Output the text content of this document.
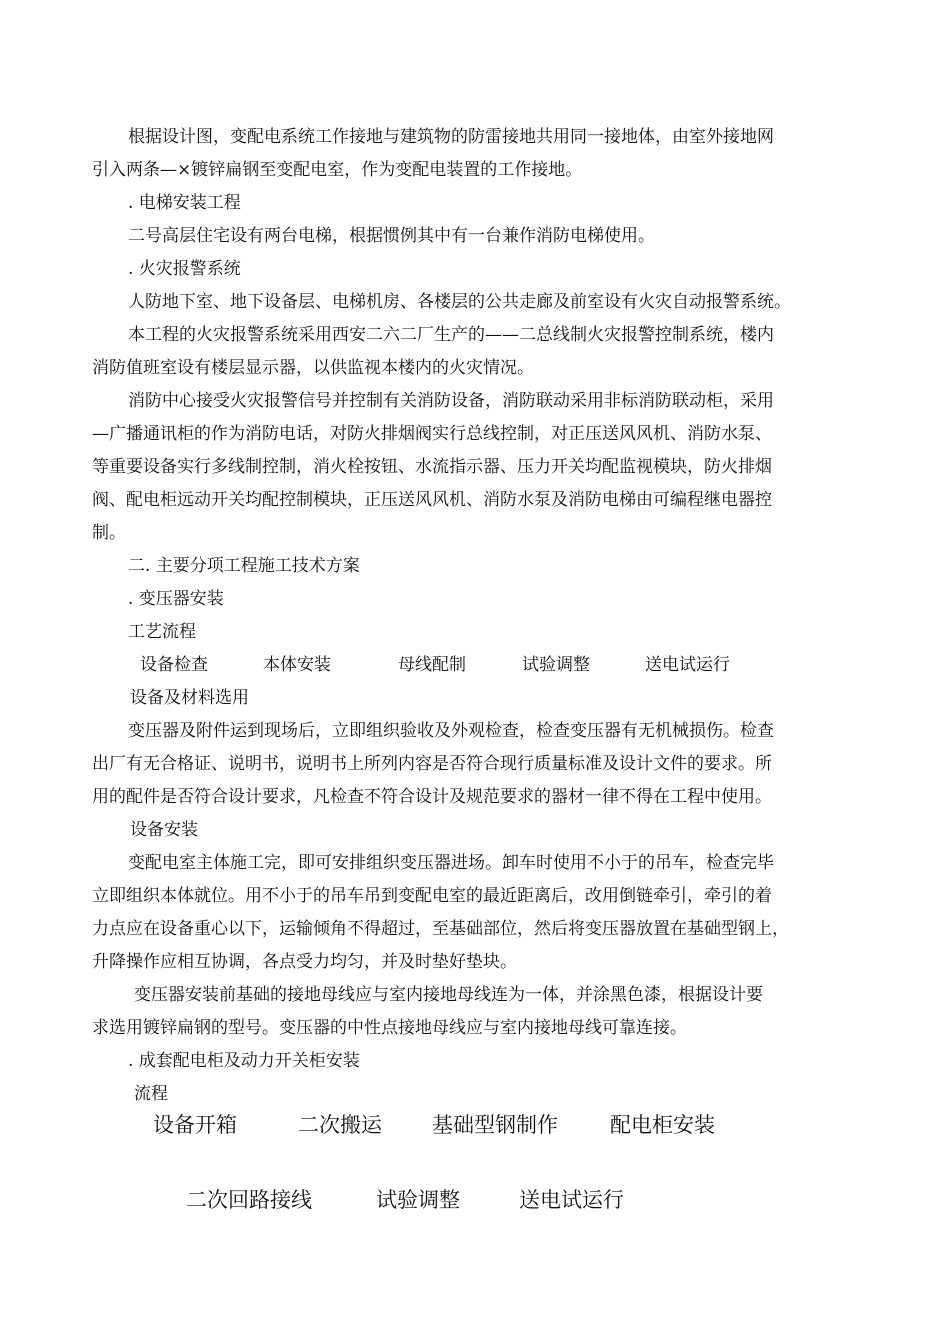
根据设计图，变配电系统工作接地与建筑物的防雷接地共用同一接地体，由室外接地网
引入两条—×镀锌扁钢至变配电室，作为变配电装置的工作接地。
. 电梯安装工程
二号高层住宅设有两台电梯，根据惯例其中有一台兼作消防电梯使用。
. 火灾报警系统
人防地下室、地下设备层、电梯机房、各楼层的公共走廊及前室设有火灾自动报警系统。
本工程的火灾报警系统采用西安二六二厂生产的——二总线制火灾报警控制系统，楼内
消防值班室设有楼层显示器，以供监视本楼内的火灾情况。
消防中心接受火灾报警信号并控制有关消防设备，消防联动采用非标消防联动柜，采用
—广播通讯柜的作为消防电话，对防火排烟阀实行总线控制，对正压送风风机、消防水泵、
等重要设备实行多线制控制，消火栓按钮、水流指示器、压力开关均配监视模块，防火排烟
阀、配电柜远动开关均配控制模块，正压送风风机、消防水泵及消防电梯由可编程继电器控
制。
二. 主要分项工程施工技术方案
. 变压器安装
工艺流程
设备检查	本体安装	母线配制	试验调整	送电试运行
设备及材料选用
变压器及附件运到现场后，立即组织验收及外观检查，检查变压器有无机械损伤。检查
出厂有无合格证、说明书，说明书上所列内容是否符合现行质量标准及设计文件的要求。所
用的配件是否符合设计要求，凡检查不符合设计及规范要求的器材一律不得在工程中使用。
设备安装
变配电室主体施工完，即可安排组织变压器进场。卸车时使用不小于的吊车，检查完毕
立即组织本体就位。用不小于的吊车吊到变配电室的最近距离后，改用倒链牵引，牵引的着
力点应在设备重心以下，运输倾角不得超过，至基础部位，然后将变压器放置在基础型钢上，
升降操作应相互协调，各点受力均匀，并及时垫好垫块。
变压器安装前基础的接地母线应与室内接地母线连为一体，并涂黑色漆，根据设计要
求选用镀锌扁钢的型号。变压器的中性点接地母线应与室内接地母线可靠连接。
. 成套配电柜及动力开关柜安装
流程
设备开箱	二次搬运 基础型钢制作 配电柜安装
二次回路接线	试验调整	送电试运行
